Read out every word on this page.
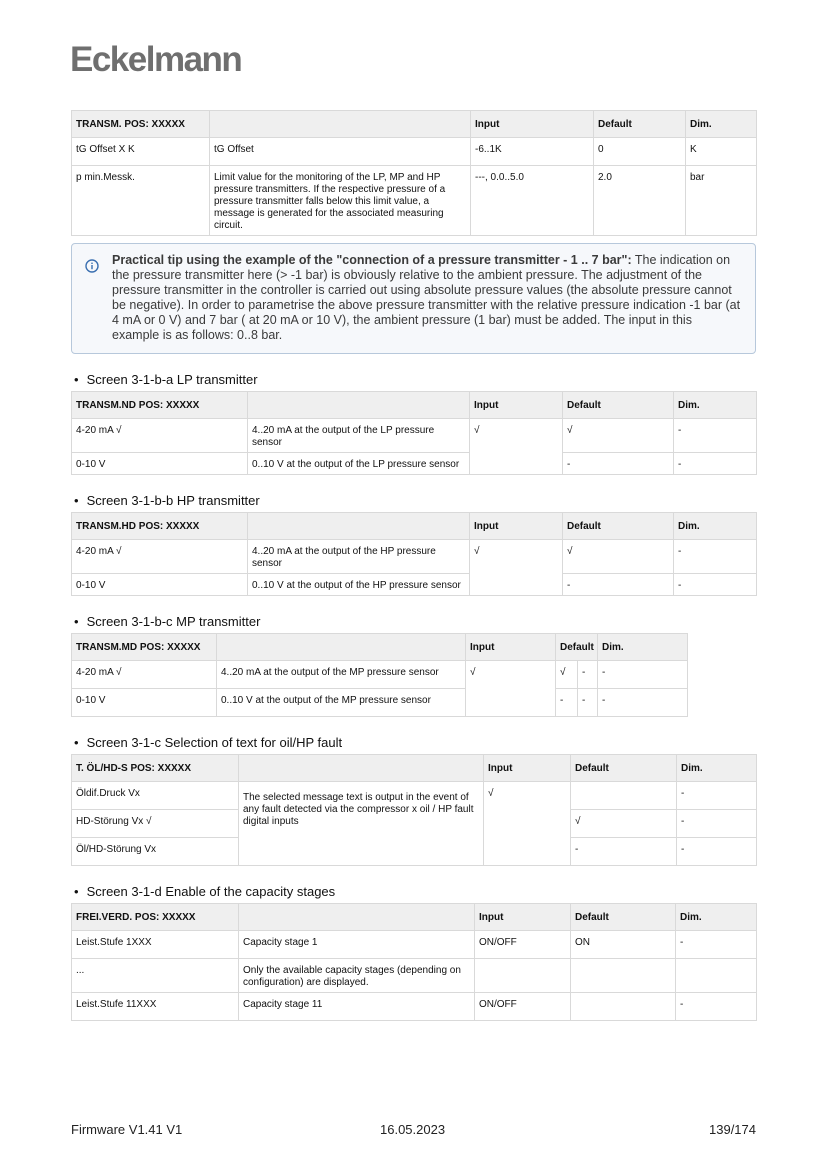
Eckelmann
TRANSM. POS: XXXXX		Input	Default	Dim.
tG Offset X K	tG Offset	-6..1K	0	K
p min.Messk.	Limit value for the monitoring of the LP, MP and HP pressure transmitters. If the respective pressure of a pressure transmitter falls below this limit value, a message is generated for the associated measuring circuit.	---, 0.0..5.0	2.0	bar
Practical tip using the example of the "connection of a pressure transmitter - 1 .. 7 bar": The indication on the pressure transmitter here (> -1 bar) is obviously relative to the ambient pressure. The adjustment of the pressure transmitter in the controller is carried out using absolute pressure values (the absolute pressure cannot be negative). In order to parametrise the above pressure transmitter with the relative pressure indication -1 bar (at 4 mA or 0 V) and 7 bar ( at 20 mA or 10 V), the ambient pressure (1 bar) must be added. The input in this example is as follows: 0..8 bar.
• Screen 3-1-b-a LP transmitter
TRANSM.ND POS: XXXXX		Input	Default	Dim.
4-20 mA √	4..20 mA at the output of the LP pressure sensor	√	√	-
0-10 V	0..10 V at the output of the LP pressure sensor		-	-
• Screen 3-1-b-b HP transmitter
TRANSM.HD POS: XXXXX		Input	Default	Dim.
4-20 mA √	4..20 mA at the output of the HP pressure sensor	√	√	-
0-10 V	0..10 V at the output of the HP pressure sensor		-	-
• Screen 3-1-b-c MP transmitter
TRANSM.MD POS: XXXXX		Input	Default		Dim.
4-20 mA √	4..20 mA at the output of the MP pressure sensor	√	√	-	-
0-10 V	0..10 V at the output of the MP pressure sensor		-	-	-
• Screen 3-1-c Selection of text for oil/HP fault
T. ÖL/HD-S POS: XXXXX		Input	Default	Dim.
Öldif.Druck Vx	The selected message text is output in the event of any fault detected via the compressor x oil / HP fault digital inputs	√		-
HD-Störung Vx √			√	-
Öl/HD-Störung Vx			-	-
• Screen 3-1-d Enable of the capacity stages
FREI.VERD. POS: XXXXX		Input	Default	Dim.
Leist.Stufe 1XXX	Capacity stage 1	ON/OFF	ON	-
...	Only the available capacity stages (depending on configuration) are displayed.			
Leist.Stufe 11XXX	Capacity stage 11	ON/OFF		-
Firmware V1.41 V1	16.05.2023	139/174
